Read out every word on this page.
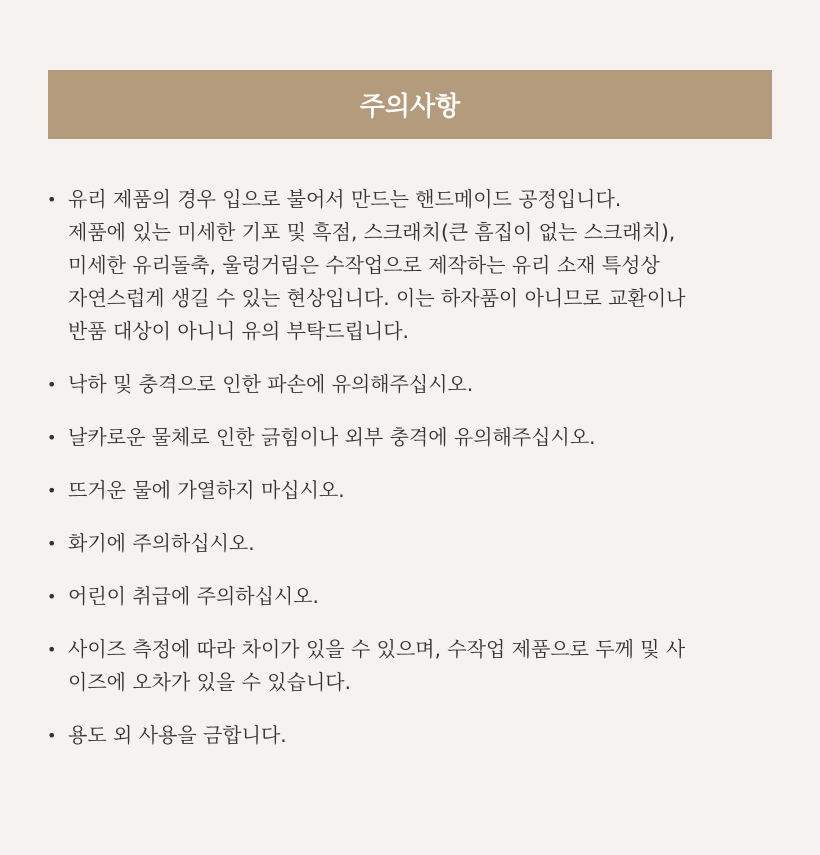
주의사항
• 유리 제품의 경우 입으로 불어서 만드는 핸드메이드 공정입니다.
제품에 있는 미세한 기포 및 흑점, 스크래치(큰 흠집이 없는 스크래치),
미세한 유리돌축, 울렁거림은 수작업으로 제작하는 유리 소재 특성상
자연스럽게 생길 수 있는 현상입니다. 이는 하자품이 아니므로 교환이나
반품 대상이 아니니 유의 부탁드립니다.
• 낙하 및 충격으로 인한 파손에 유의해주십시오.
• 날카로운 물체로 인한 긁힘이나 외부 충격에 유의해주십시오.
• 뜨거운 물에 가열하지 마십시오.
• 화기에 주의하십시오.
• 어린이 취급에 주의하십시오.
• 사이즈 측정에 따라 차이가 있을 수 있으며, 수작업 제품으로 두께 및 사
이즈에 오차가 있을 수 있습니다.
• 용도 외 사용을 금합니다.
